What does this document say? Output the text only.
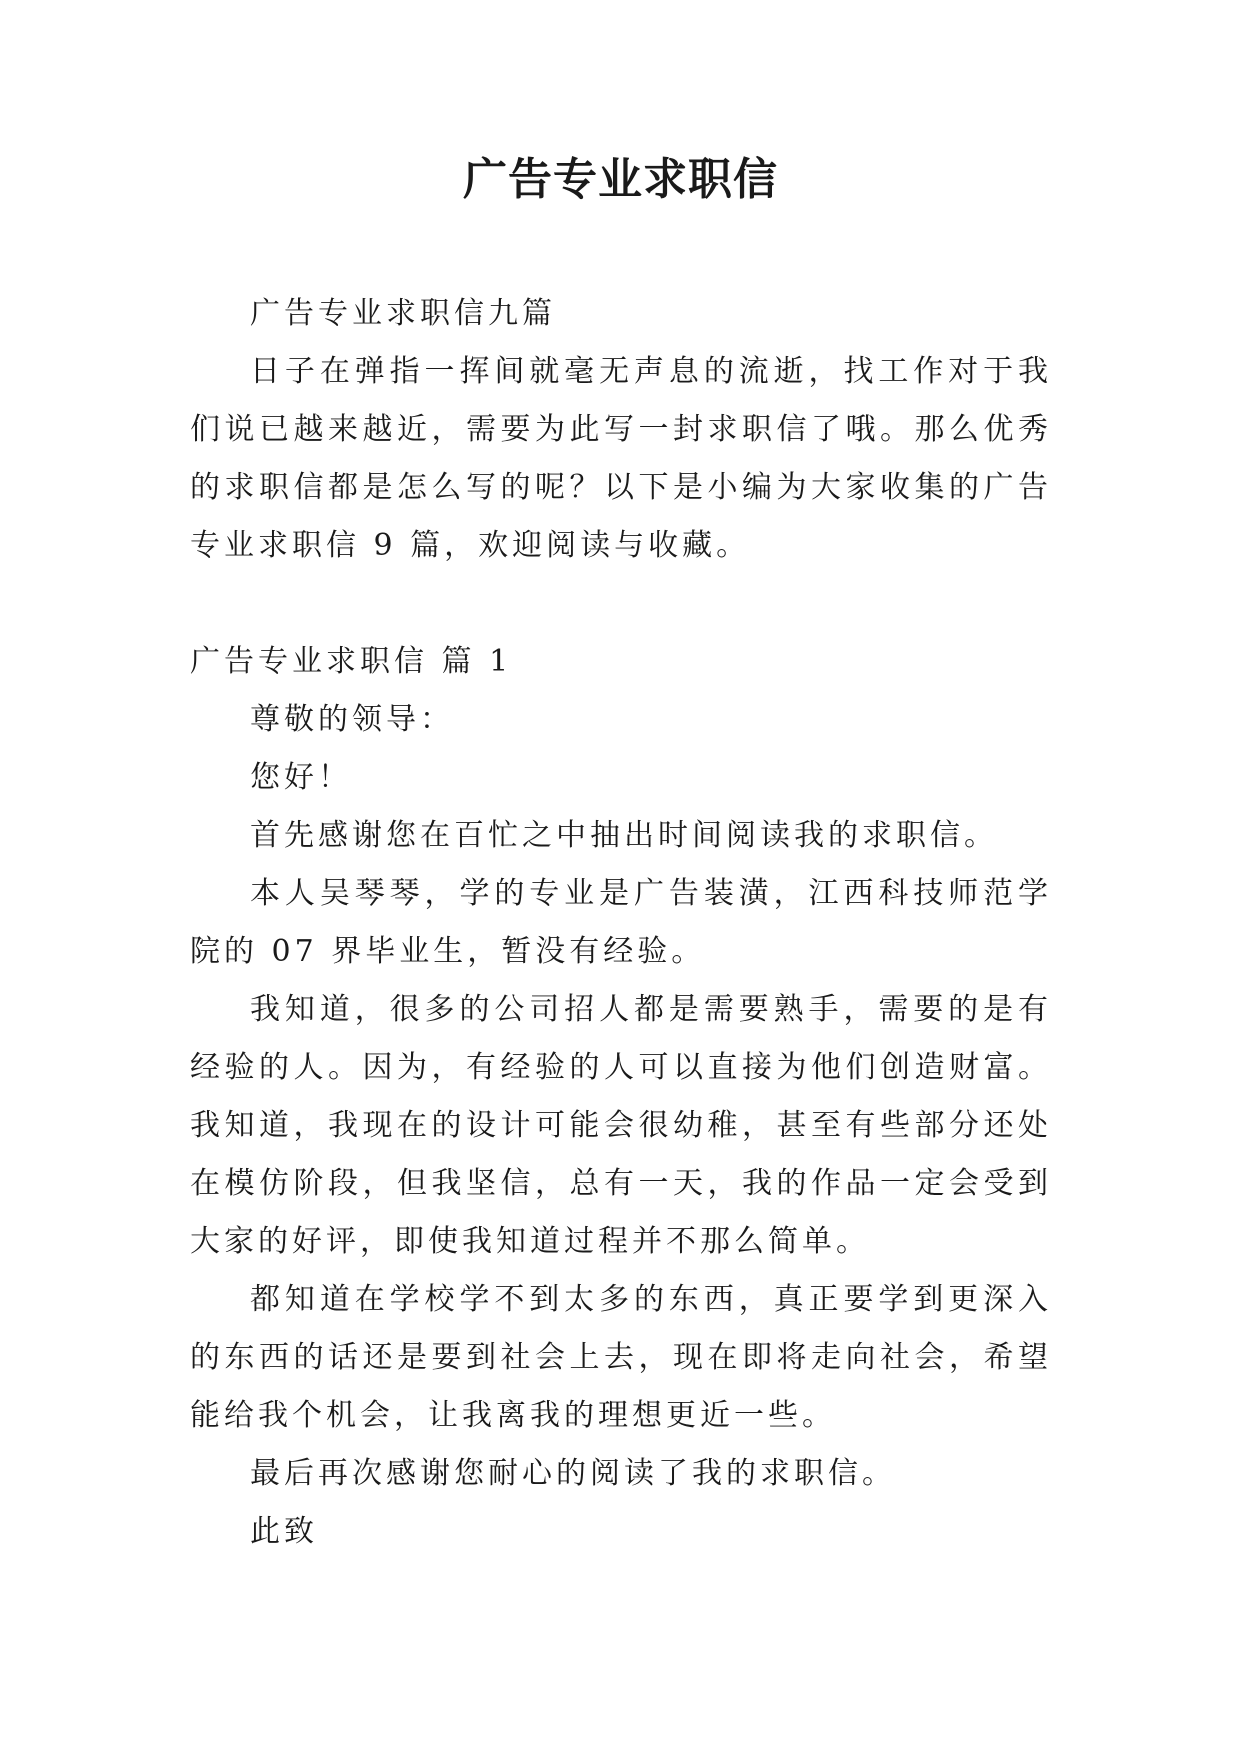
广告专业求职信

广告专业求职信九篇

日子在弹指一挥间就毫无声息的流逝，找工作对于我们说已越来越近，需要为此写一封求职信了哦。那么优秀的求职信都是怎么写的呢？以下是小编为大家收集的广告专业求职信 9 篇，欢迎阅读与收藏。

广告专业求职信 篇 1

尊敬的领导：

您好！

首先感谢您在百忙之中抽出时间阅读我的求职信。

本人吴琴琴，学的专业是广告装潢，江西科技师范学院的 07 界毕业生，暂没有经验。

我知道，很多的公司招人都是需要熟手，需要的是有经验的人。因为，有经验的人可以直接为他们创造财富。我知道，我现在的设计可能会很幼稚，甚至有些部分还处在模仿阶段，但我坚信，总有一天，我的作品一定会受到大家的好评，即使我知道过程并不那么简单。

都知道在学校学不到太多的东西，真正要学到更深入的东西的话还是要到社会上去，现在即将走向社会，希望能给我个机会，让我离我的理想更近一些。

最后再次感谢您耐心的阅读了我的求职信。

此致
